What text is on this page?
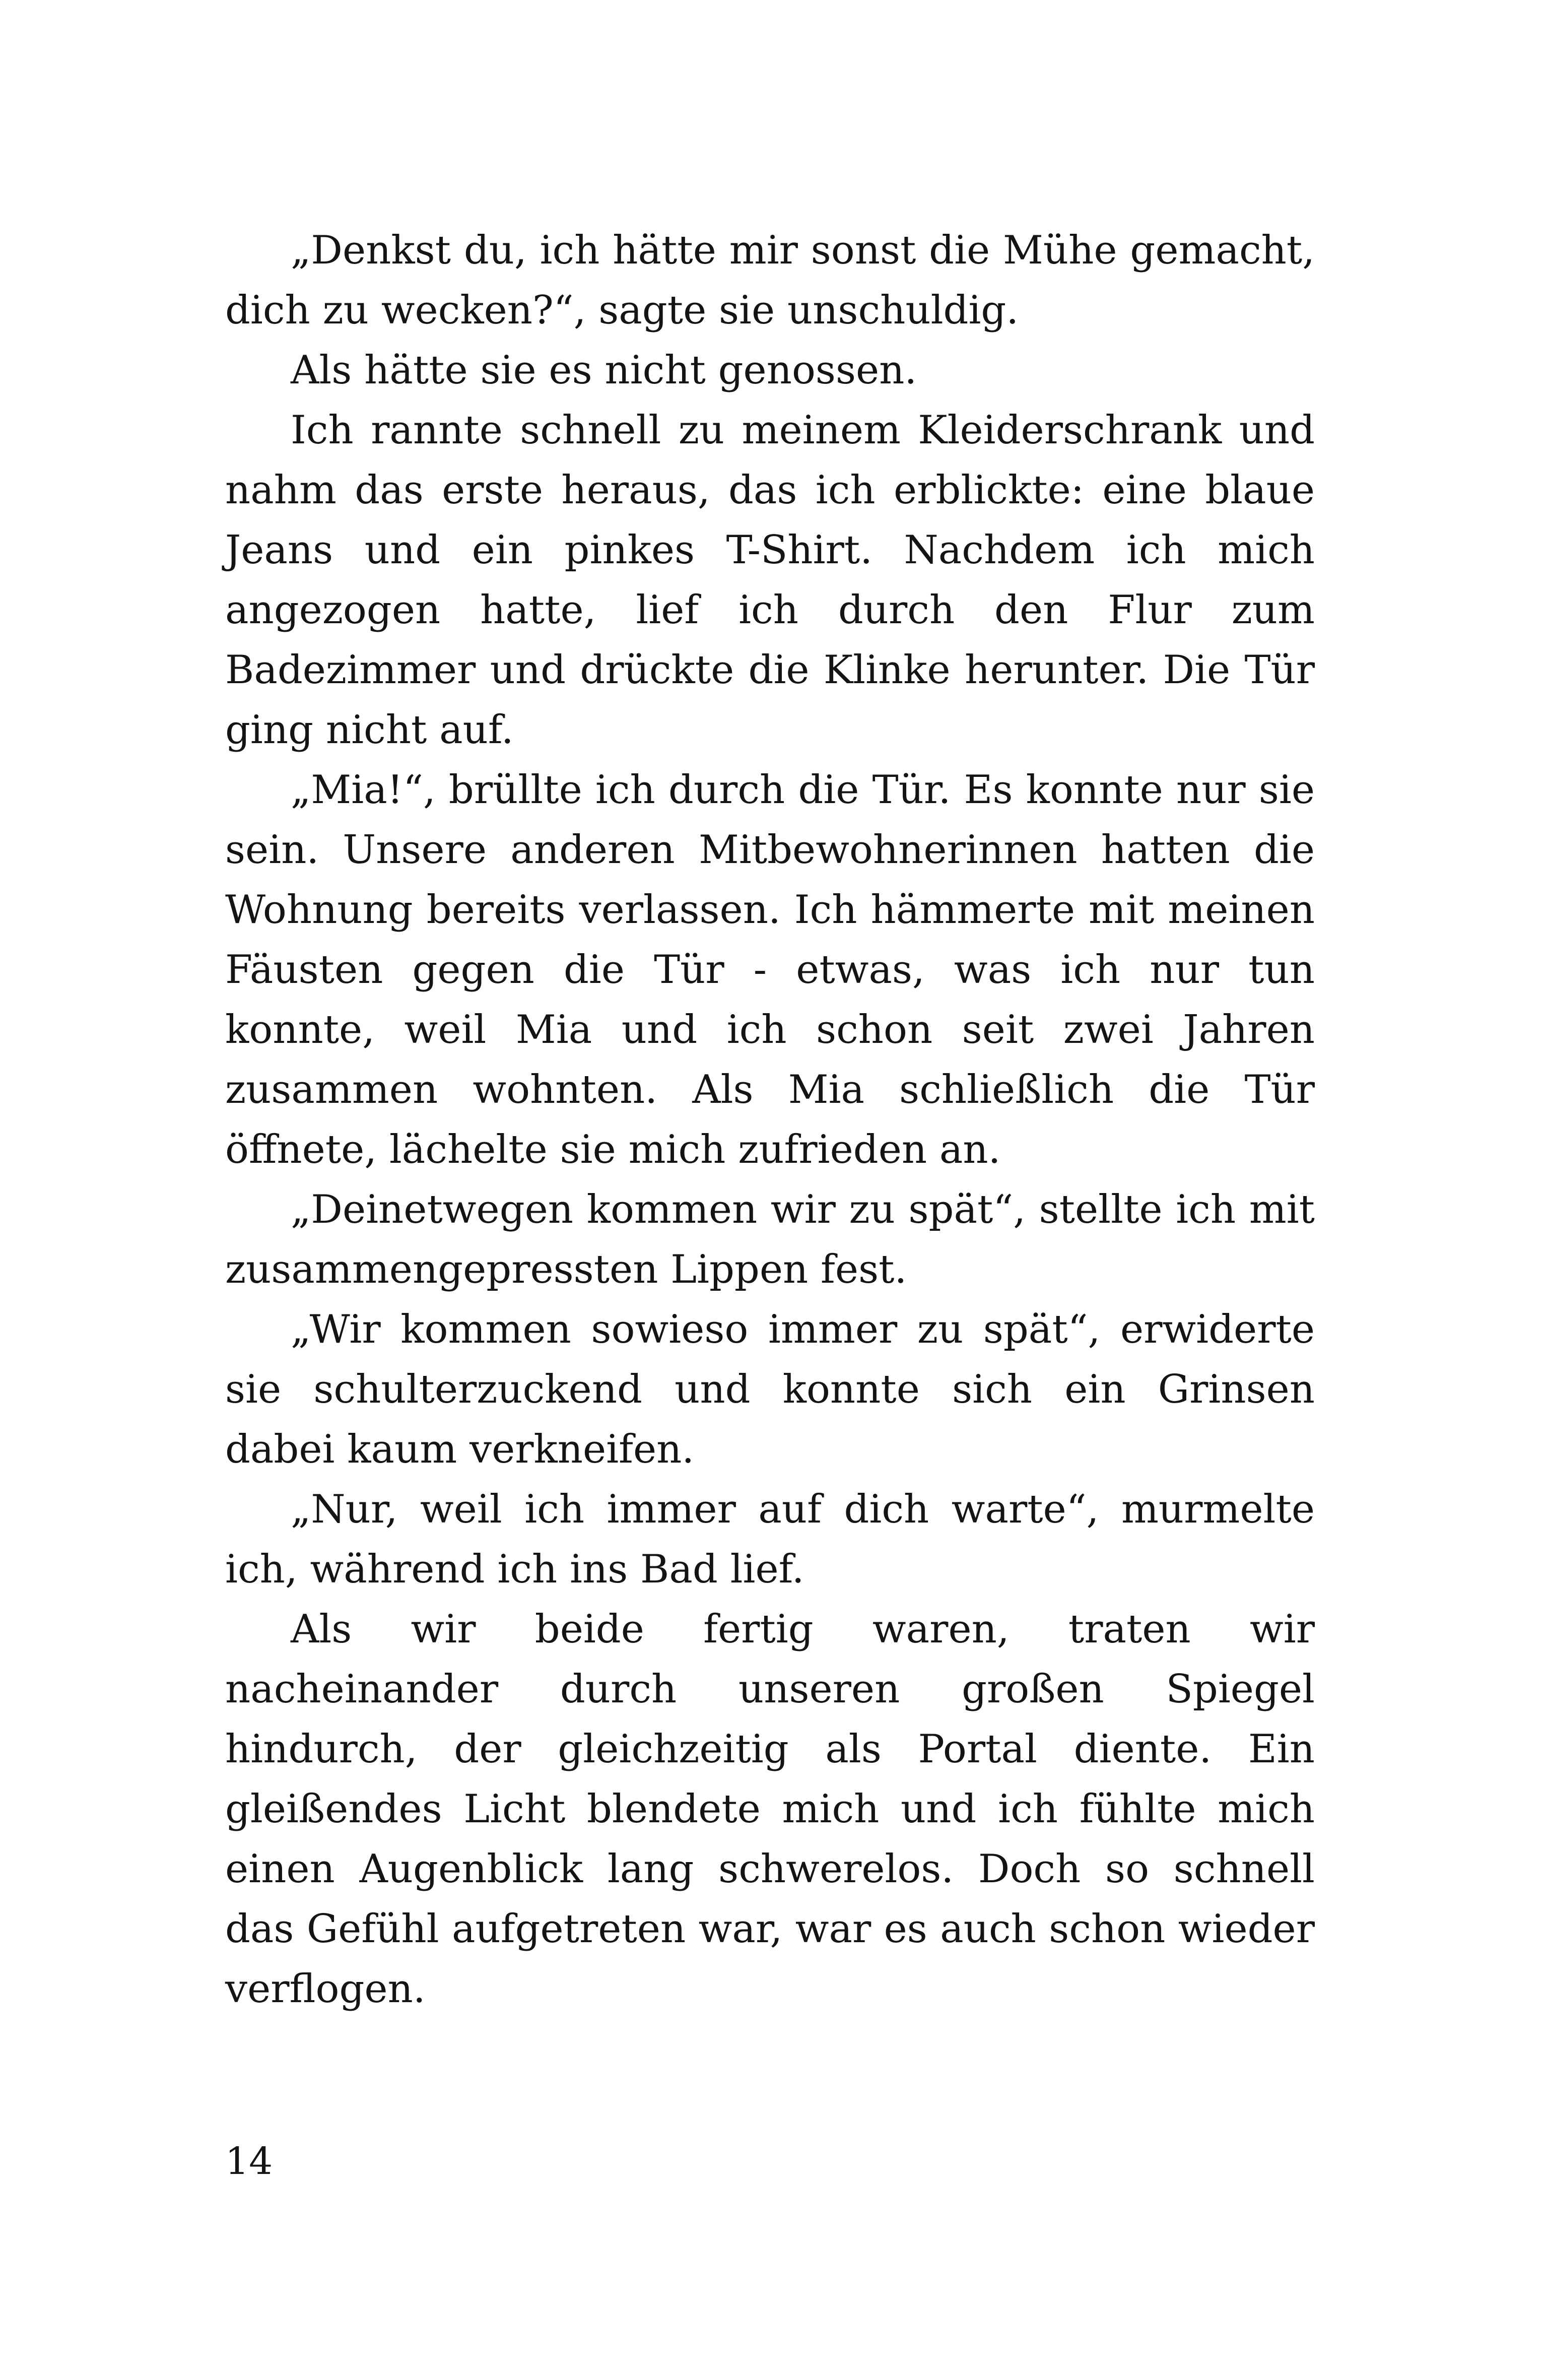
„Denkst du, ich hätte mir sonst die Mühe gemacht, dich zu wecken?“, sagte sie unschuldig.

Als hätte sie es nicht genossen.

Ich rannte schnell zu meinem Kleiderschrank und nahm das erste heraus, das ich erblickte: eine blaue Jeans und ein pinkes T-Shirt. Nachdem ich mich angezogen hatte, lief ich durch den Flur zum Badezimmer und drückte die Klinke herunter. Die Tür ging nicht auf.

„Mia!“, brüllte ich durch die Tür. Es konnte nur sie sein. Unsere anderen Mitbewohnerinnen hatten die Wohnung bereits verlassen. Ich hämmerte mit meinen Fäusten gegen die Tür - etwas, was ich nur tun konnte, weil Mia und ich schon seit zwei Jahren zusammen wohnten. Als Mia schließlich die Tür öffnete, lächelte sie mich zufrieden an.

„Deinetwegen kommen wir zu spät“, stellte ich mit zusammengepressten Lippen fest.

„Wir kommen sowieso immer zu spät“, erwiderte sie schulterzuckend und konnte sich ein Grinsen dabei kaum verkneifen.

„Nur, weil ich immer auf dich warte“, murmelte ich, während ich ins Bad lief.

Als wir beide fertig waren, traten wir nacheinander durch unseren großen Spiegel hindurch, der gleichzeitig als Portal diente. Ein gleißendes Licht blendete mich und ich fühlte mich einen Augenblick lang schwerelos. Doch so schnell das Gefühl aufgetreten war, war es auch schon wieder verflogen.

14
